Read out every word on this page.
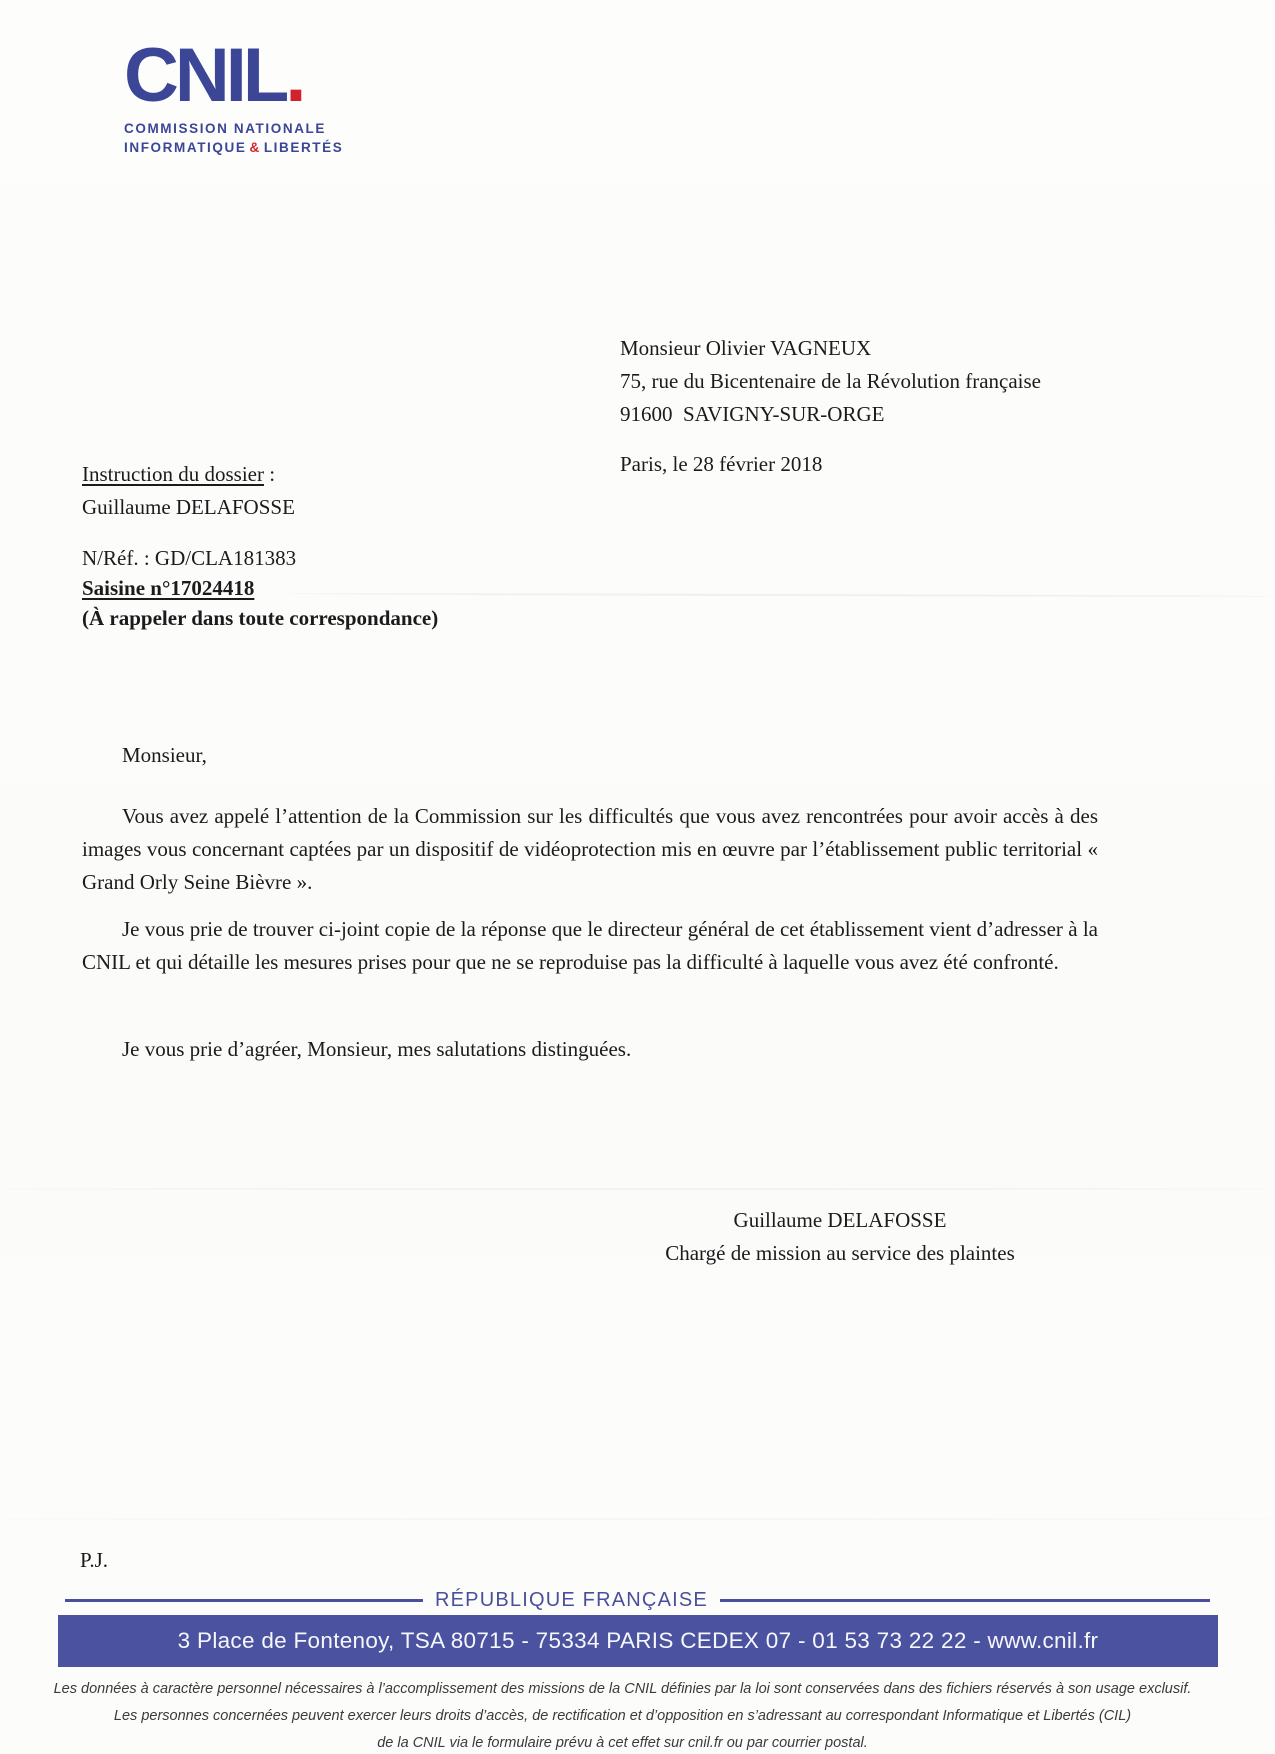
CNIL.
COMMISSION NATIONALE
INFORMATIQUE & LIBERTÉS
Monsieur Olivier VAGNEUX
75, rue du Bicentenaire de la Révolution française
91600  SAVIGNY-SUR-ORGE
Paris, le 28 février 2018
Instruction du dossier :
Guillaume DELAFOSSE
N/Réf. : GD/CLA181383
Saisine n°17024418
(À rappeler dans toute correspondance)
Monsieur,

Vous avez appelé l’attention de la Commission sur les difficultés que vous avez rencontrées pour avoir accès à des images vous concernant captées par un dispositif de vidéoprotection mis en œuvre par l’établissement public territorial « Grand Orly Seine Bièvre ».

Je vous prie de trouver ci-joint copie de la réponse que le directeur général de cet établissement vient d’adresser à la CNIL et qui détaille les mesures prises pour que ne se reproduise pas la difficulté à laquelle vous avez été confronté.

Je vous prie d’agréer, Monsieur, mes salutations distinguées.

Guillaume DELAFOSSE
Chargé de mission au service des plaintes
P.J.
RÉPUBLIQUE FRANÇAISE
3 Place de Fontenoy, TSA 80715 - 75334 PARIS CEDEX 07 - 01 53 73 22 22 - www.cnil.fr
Les données à caractère personnel nécessaires à l’accomplissement des missions de la CNIL définies par la loi sont conservées dans des fichiers réservés à son usage exclusif.
Les personnes concernées peuvent exercer leurs droits d’accès, de rectification et d’opposition en s’adressant au correspondant Informatique et Libertés (CIL)
de la CNIL via le formulaire prévu à cet effet sur cnil.fr ou par courrier postal.
